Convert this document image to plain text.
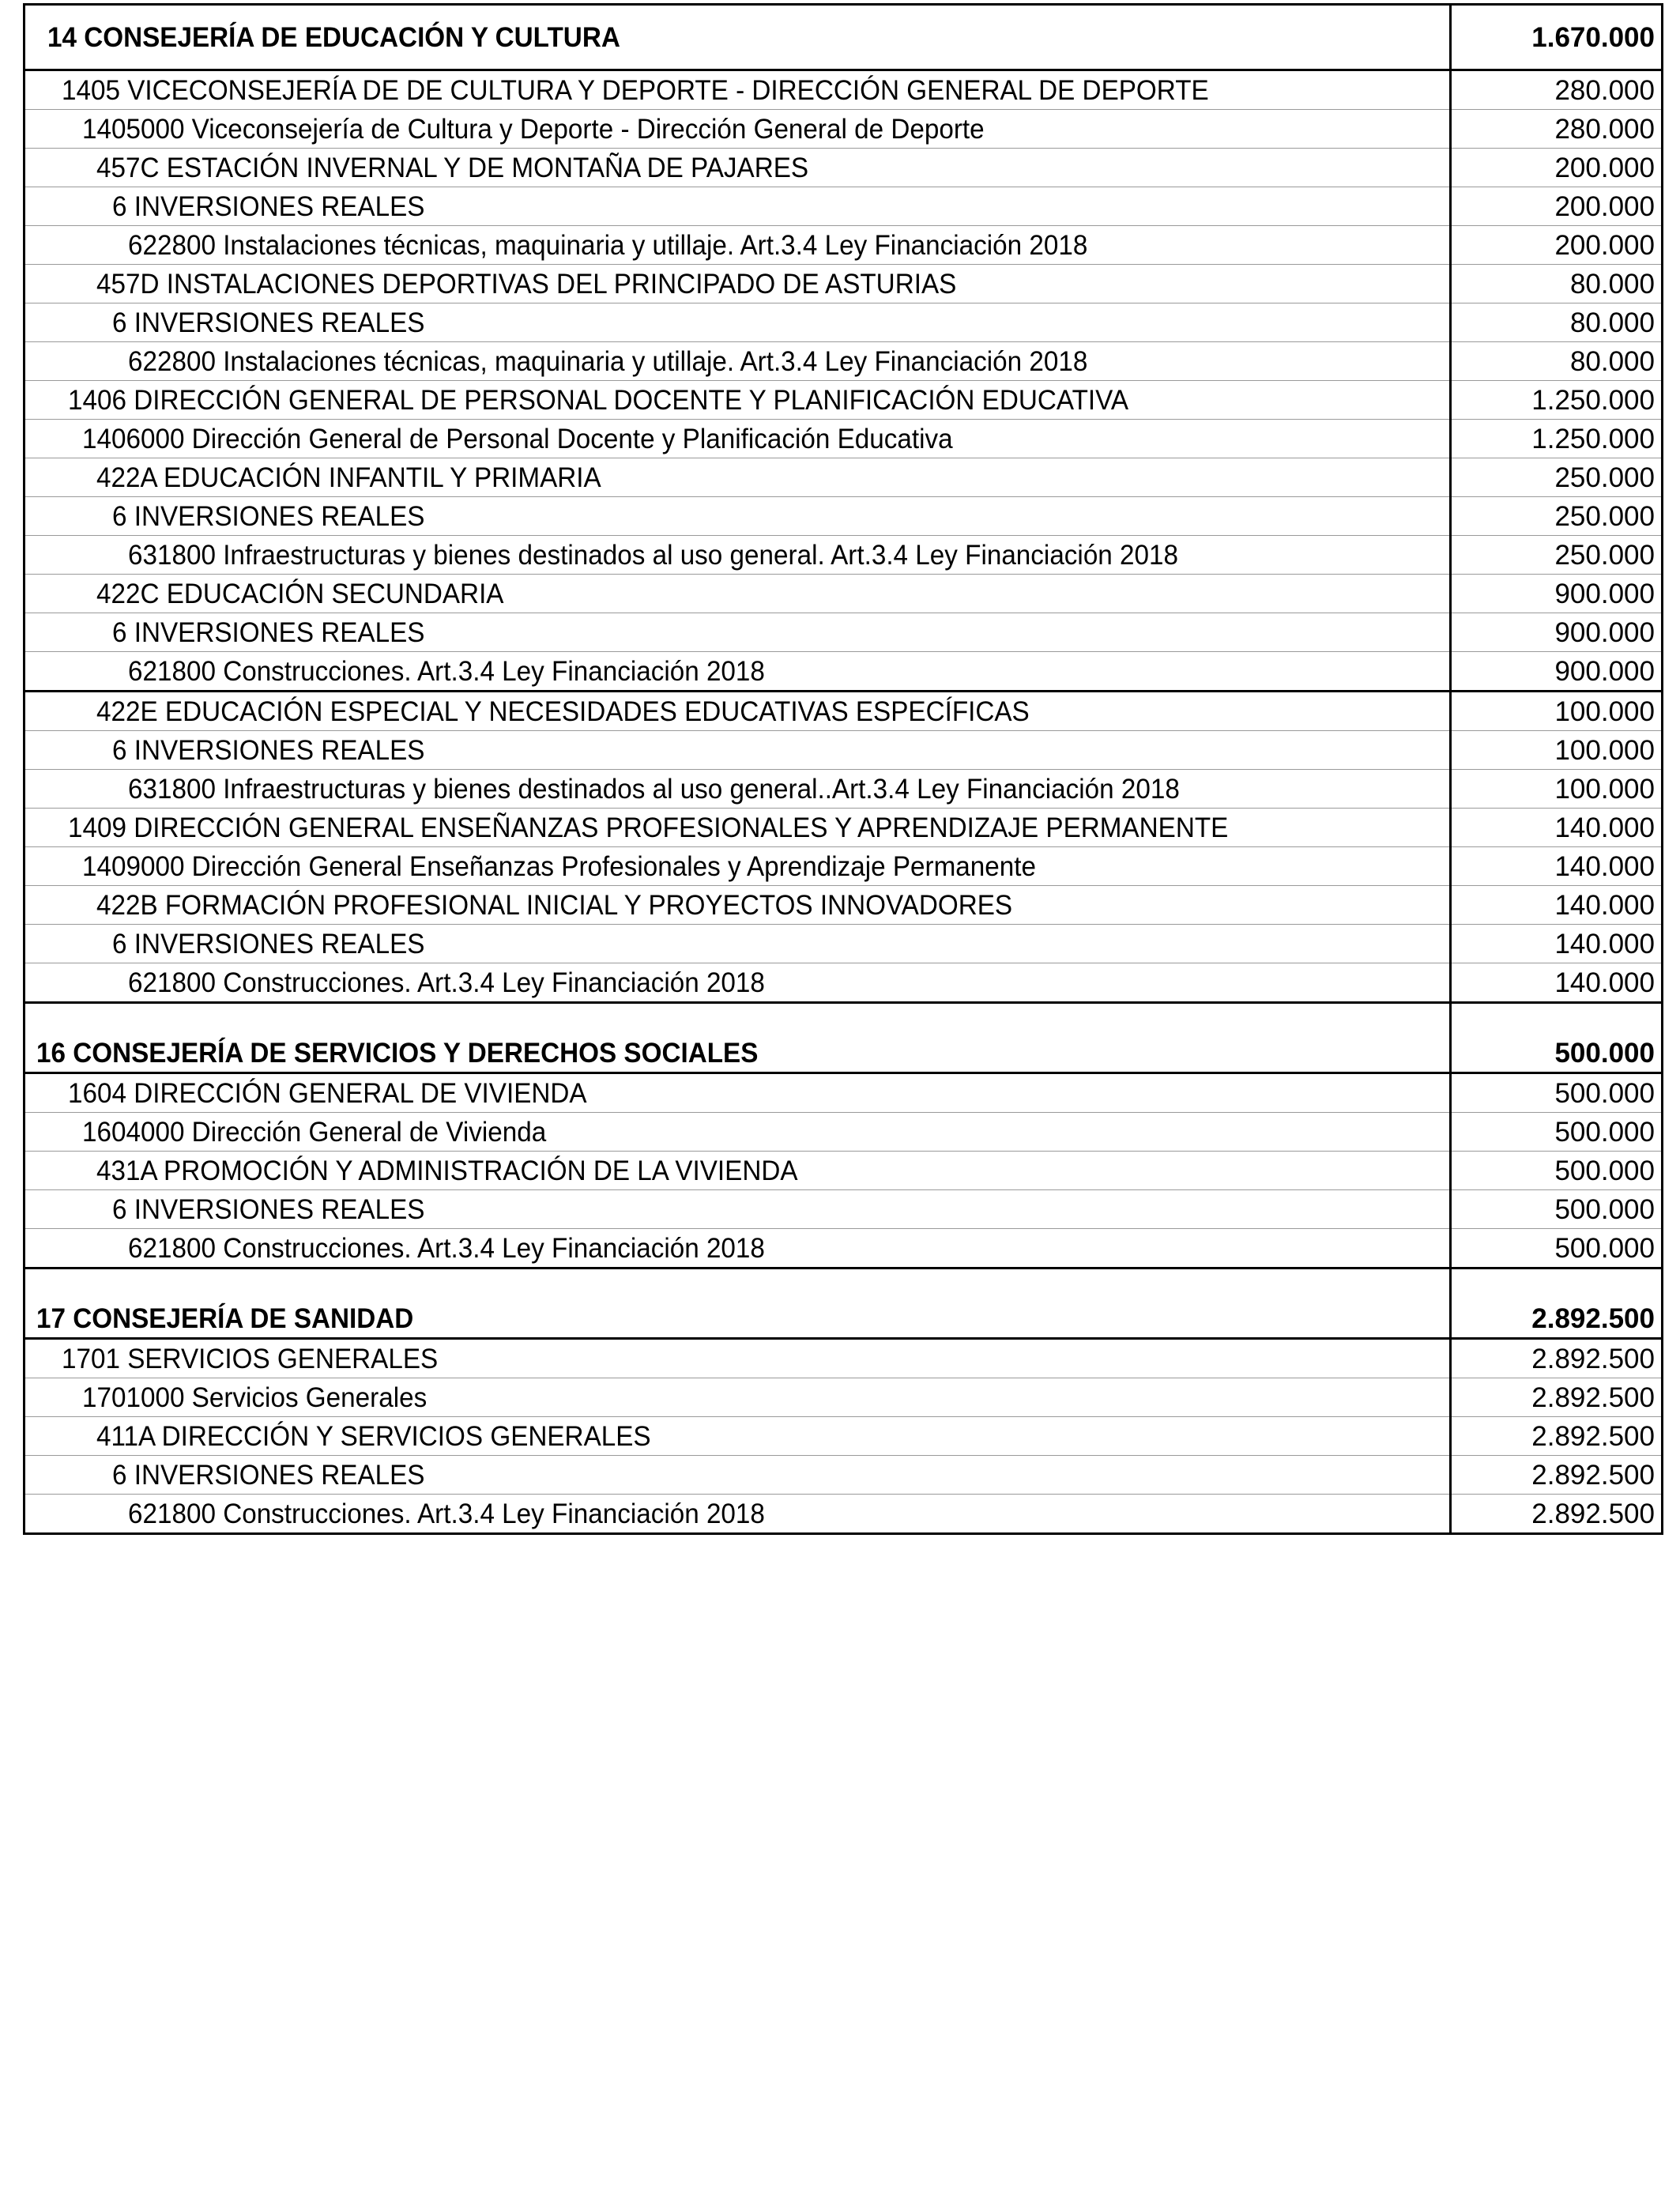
14 CONSEJERÍA DE EDUCACIÓN Y CULTURA	1.670.000
1405 VICECONSEJERÍA DE DE CULTURA Y DEPORTE - DIRECCIÓN GENERAL DE DEPORTE	280.000
1405000 Viceconsejería de Cultura y Deporte - Dirección General de Deporte	280.000
457C ESTACIÓN INVERNAL Y DE MONTAÑA DE PAJARES	200.000
6 INVERSIONES REALES	200.000
622800 Instalaciones técnicas, maquinaria y utillaje. Art.3.4 Ley Financiación 2018	200.000
457D INSTALACIONES DEPORTIVAS DEL PRINCIPADO DE ASTURIAS	80.000
6 INVERSIONES REALES	80.000
622800 Instalaciones técnicas, maquinaria y utillaje. Art.3.4 Ley Financiación 2018	80.000
1406 DIRECCIÓN GENERAL DE PERSONAL DOCENTE Y PLANIFICACIÓN EDUCATIVA	1.250.000
1406000 Dirección General de Personal Docente y Planificación Educativa	1.250.000
422A EDUCACIÓN INFANTIL Y PRIMARIA	250.000
6 INVERSIONES REALES	250.000
631800 Infraestructuras y bienes destinados al uso general. Art.3.4 Ley Financiación 2018	250.000
422C EDUCACIÓN SECUNDARIA	900.000
6 INVERSIONES REALES	900.000
621800 Construcciones. Art.3.4 Ley Financiación 2018	900.000
422E EDUCACIÓN ESPECIAL Y NECESIDADES EDUCATIVAS ESPECÍFICAS	100.000
6 INVERSIONES REALES	100.000
631800 Infraestructuras y bienes destinados al uso general..Art.3.4 Ley Financiación 2018	100.000
1409 DIRECCIÓN GENERAL ENSEÑANZAS PROFESIONALES Y APRENDIZAJE PERMANENTE	140.000
1409000 Dirección General Enseñanzas Profesionales y Aprendizaje Permanente	140.000
422B FORMACIÓN PROFESIONAL INICIAL Y PROYECTOS INNOVADORES	140.000
6 INVERSIONES REALES	140.000
621800 Construcciones. Art.3.4 Ley Financiación 2018	140.000
16 CONSEJERÍA DE SERVICIOS Y DERECHOS SOCIALES	500.000
1604 DIRECCIÓN GENERAL DE VIVIENDA	500.000
1604000 Dirección General de Vivienda	500.000
431A PROMOCIÓN Y ADMINISTRACIÓN DE LA VIVIENDA	500.000
6 INVERSIONES REALES	500.000
621800 Construcciones. Art.3.4 Ley Financiación 2018	500.000
17 CONSEJERÍA DE SANIDAD	2.892.500
1701 SERVICIOS GENERALES	2.892.500
1701000 Servicios Generales	2.892.500
411A DIRECCIÓN Y SERVICIOS GENERALES	2.892.500
6 INVERSIONES REALES	2.892.500
621800 Construcciones. Art.3.4 Ley Financiación 2018	2.892.500
